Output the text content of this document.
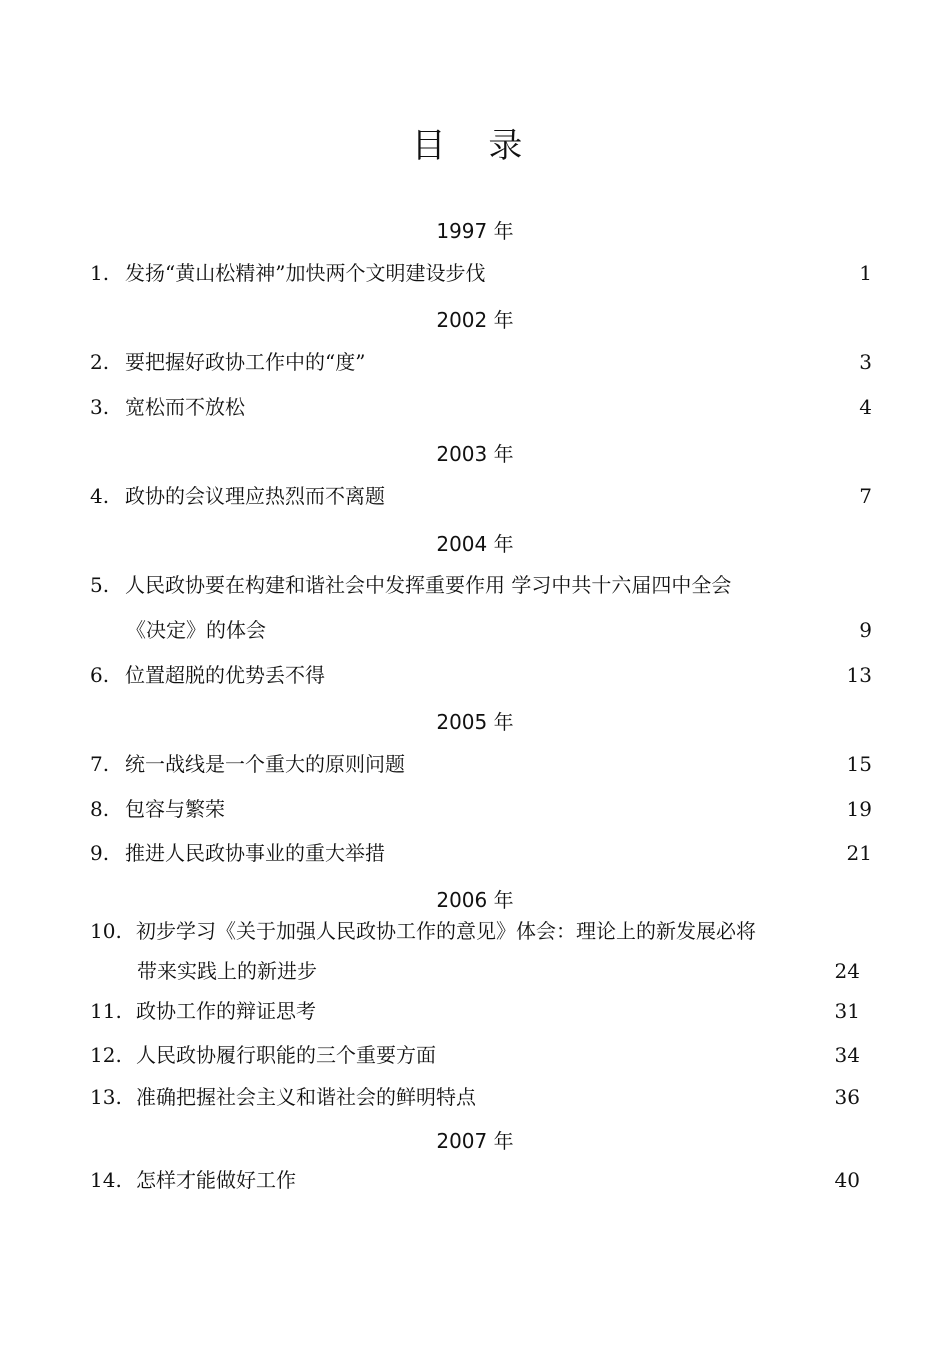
目 录
1997 年
1. 发扬“黄山松精神”加快两个文明建设步伐	1
2002 年
2. 要把握好政协工作中的“度”	3
3. 宽松而不放松	4
2003 年
4. 政协的会议理应热烈而不离题	7
2004 年
5. 人民政协要在构建和谐社会中发挥重要作用 学习中共十六届四中全会
《决定》的体会	9
6. 位置超脱的优势丢不得	13
2005 年
7. 统一战线是一个重大的原则问题	15
8. 包容与繁荣	19
9. 推进人民政协事业的重大举措	21
2006 年
10. 初步学习《关于加强人民政协工作的意见》体会：理论上的新发展必将
带来实践上的新进步	24
11. 政协工作的辩证思考	31
12. 人民政协履行职能的三个重要方面	34
13. 准确把握社会主义和谐社会的鲜明特点	36
2007 年
14. 怎样才能做好工作	40
